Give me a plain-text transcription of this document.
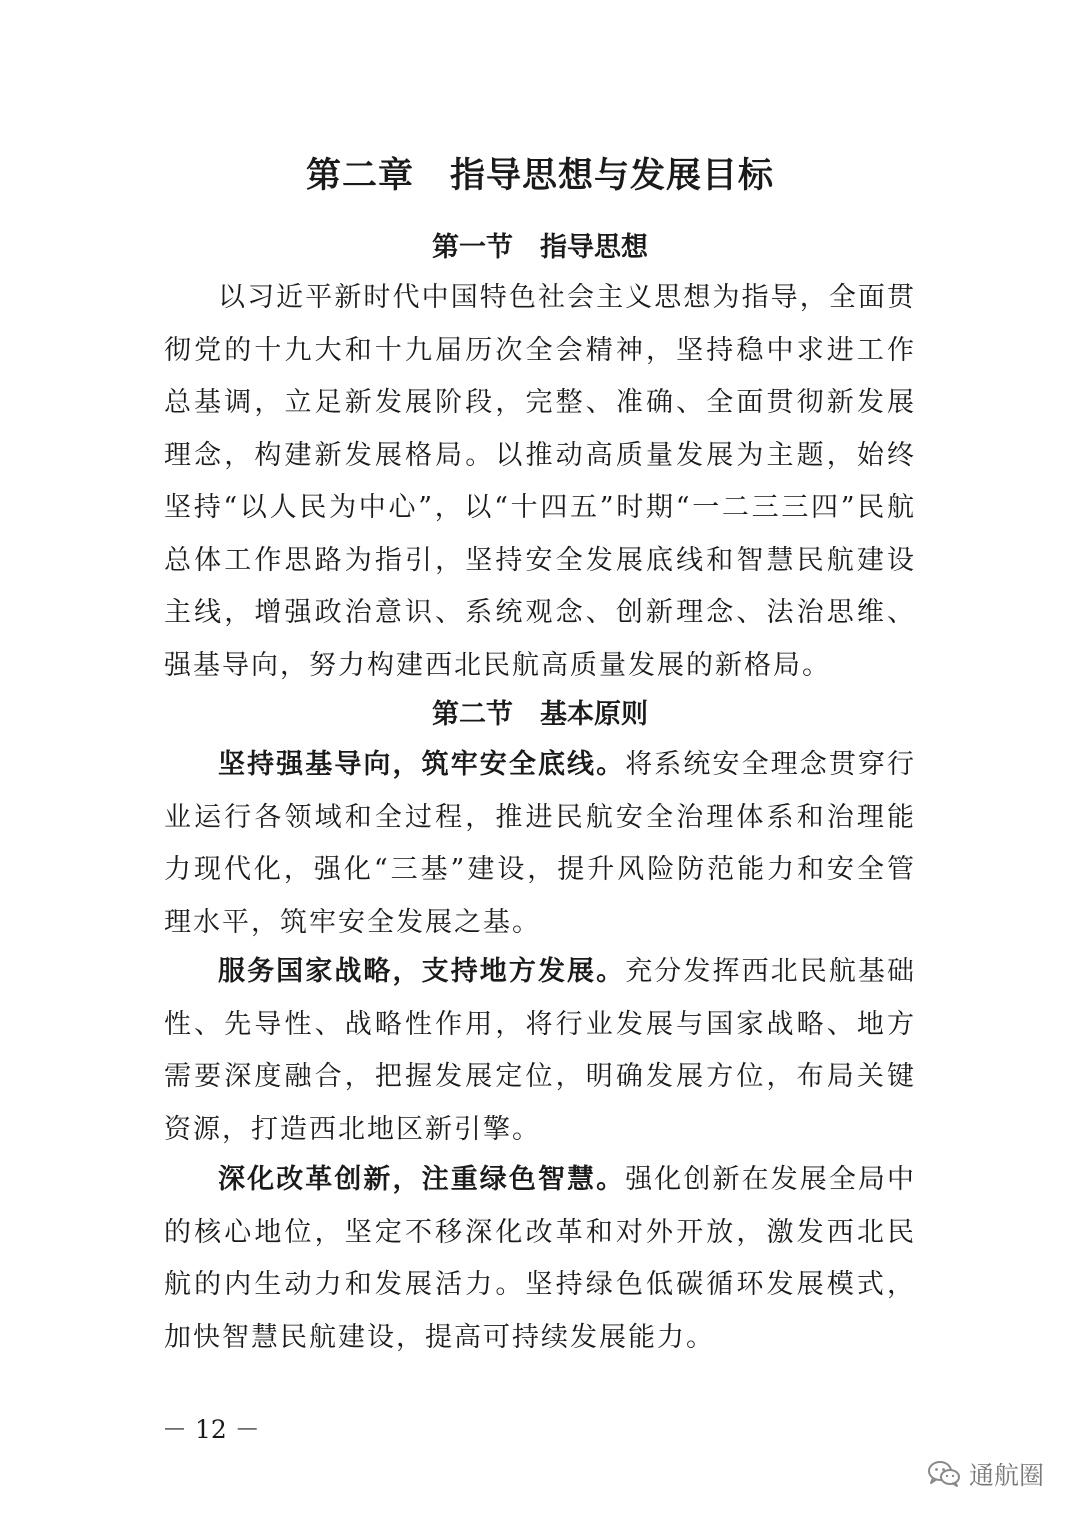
第二章　指导思想与发展目标
第一节　指导思想

以习近平新时代中国特色社会主义思想为指导，全面贯彻党的十九大和十九届历次全会精神，坚持稳中求进工作总基调，立足新发展阶段，完整、准确、全面贯彻新发展理念，构建新发展格局。以推动高质量发展为主题，始终坚持“以人民为中心”，以“十四五”时期“一二三三四”民航总体工作思路为指引，坚持安全发展底线和智慧民航建设主线，增强政治意识、系统观念、创新理念、法治思维、强基导向，努力构建西北民航高质量发展的新格局。

第二节　基本原则

坚持强基导向，筑牢安全底线。将系统安全理念贯穿行业运行各领域和全过程，推进民航安全治理体系和治理能力现代化，强化“三基”建设，提升风险防范能力和安全管理水平，筑牢安全发展之基。

服务国家战略，支持地方发展。充分发挥西北民航基础性、先导性、战略性作用，将行业发展与国家战略、地方需要深度融合，把握发展定位，明确发展方位，布局关键资源，打造西北地区新引擎。

深化改革创新，注重绿色智慧。强化创新在发展全局中的核心地位，坚定不移深化改革和对外开放，激发西北民航的内生动力和发展活力。坚持绿色低碳循环发展模式，加快智慧民航建设，提高可持续发展能力。

－ 12 －
通航圈
